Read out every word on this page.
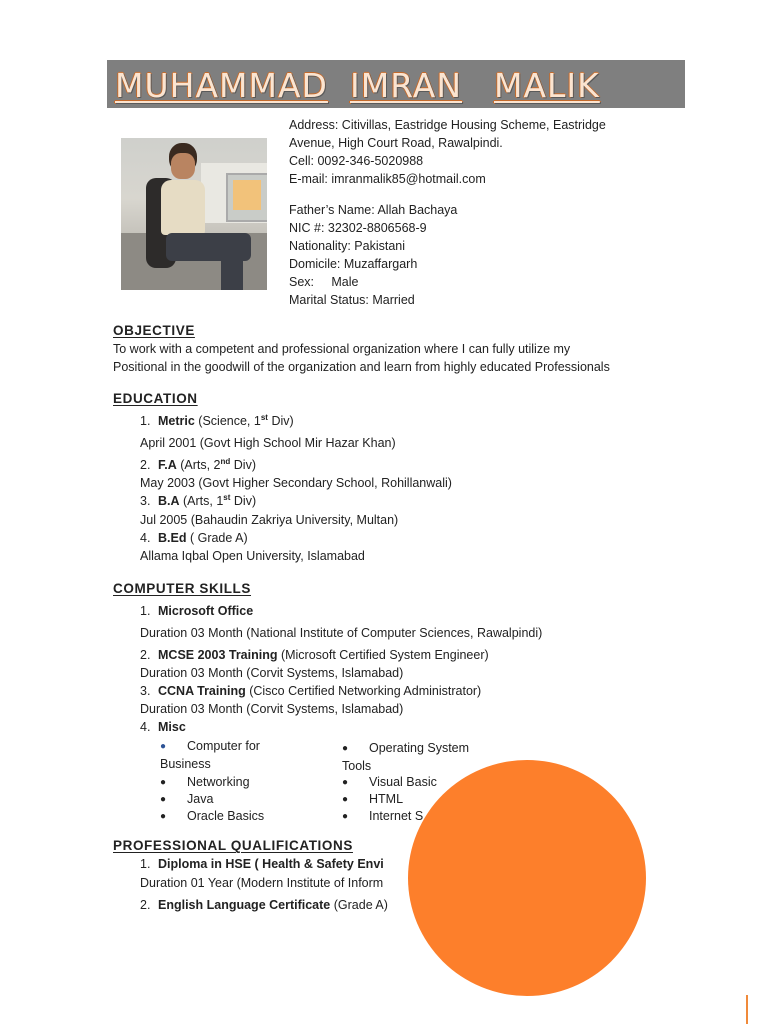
MUHAMMAD IMRAN MALIK
Address: Citivillas, Eastridge Housing Scheme, Eastridge
Avenue, High Court Road, Rawalpindi.
Cell: 0092-346-5020988
E-mail: imranmalik85@hotmail.com
Father’s Name: Allah Bachaya
NIC #: 32302-8806568-9
Nationality: Pakistani
Domicile: Muzaffargarh
Sex:     Male
Marital Status: Married
OBJECTIVE
To work with a competent and professional organization where I can fully utilize my
Positional in the goodwill of the organization and learn from highly educated Professionals
EDUCATION
1. Metric (Science, 1st Div)
April 2001 (Govt High School Mir Hazar Khan)
2. F.A (Arts, 2nd Div)
May 2003 (Govt Higher Secondary School, Rohillanwali)
3. B.A (Arts, 1st Div)
Jul 2005 (Bahaudin Zakriya University, Multan)
4. B.Ed ( Grade A)
Allama Iqbal Open University, Islamabad
COMPUTER SKILLS
1. Microsoft Office
Duration 03 Month (National Institute of Computer Sciences, Rawalpindi)
2. MCSE 2003 Training (Microsoft Certified System Engineer)
Duration 03 Month (Corvit Systems, Islamabad)
3. CCNA Training (Cisco Certified Networking Administrator)
Duration 03 Month (Corvit Systems, Islamabad)
4. Misc
● Computer for
Business
● Networking
● Java
● Oracle Basics
● Operating System
Tools
● Visual Basic
● HTML
● Internet S
PROFESSIONAL QUALIFICATIONS
1. Diploma in HSE ( Health & Safety Envi
Duration 01 Year (Modern Institute of Inform
2. English Language Certificate (Grade A)
